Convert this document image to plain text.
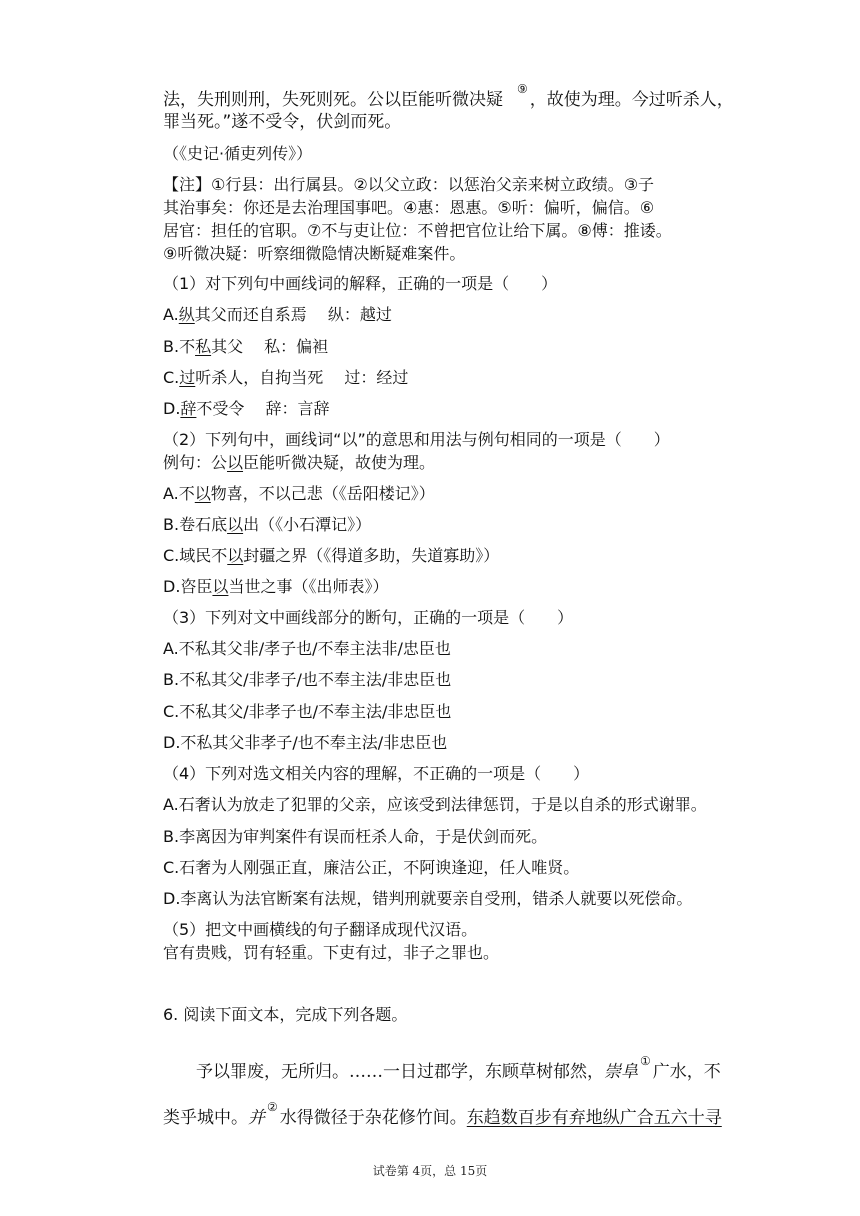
法，失刑则刑，失死则死。公以臣能听微决疑⑨，故使为理。今过听杀人，
罪当死。”遂不受令，伏剑而死。
（《史记·循吏列传》）
【注】①行县：出行属县。②以父立政：以惩治父亲来树立政绩。③子
其治事矣：你还是去治理国事吧。④惠：恩惠。⑤听：偏听，偏信。⑥
居官：担任的官职。⑦不与吏让位：不曾把官位让给下属。⑧傅：推诿。
⑨听微决疑：听察细微隐情决断疑难案件。
（1）对下列句中画线词的解释，正确的一项是（　　）
A.纵其父而还自系焉　 纵：越过
B.不私其父　 私：偏袒
C.过听杀人，自拘当死　 过：经过
D.辞不受令　 辞：言辞
（2）下列句中，画线词“以”的意思和用法与例句相同的一项是（　　）
例句：公以臣能听微决疑，故使为理。
A.不以物喜，不以己悲（《岳阳楼记》）
B.卷石底以出（《小石潭记》）
C.域民不以封疆之界（《得道多助，失道寡助》）
D.咨臣以当世之事（《出师表》）
（3）下列对文中画线部分的断句，正确的一项是（　　）
A.不私其父非/孝子也/不奉主法非/忠臣也
B.不私其父/非孝子/也不奉主法/非忠臣也
C.不私其父/非孝子也/不奉主法/非忠臣也
D.不私其父非孝子/也不奉主法/非忠臣也
（4）下列对选文相关内容的理解，不正确的一项是（　　）
A.石奢认为放走了犯罪的父亲，应该受到法律惩罚，于是以自杀的形式谢罪。
B.李离因为审判案件有误而枉杀人命，于是伏剑而死。
C.石奢为人刚强正直，廉洁公正，不阿谀逢迎，任人唯贤。
D.李离认为法官断案有法规，错判刑就要亲自受刑，错杀人就要以死偿命。
（5）把文中画横线的句子翻译成现代汉语。
官有贵贱，罚有轻重。下吏有过，非子之罪也。
6. 阅读下面文本，完成下列各题。
予以罪废，无所归。……一日过郡学，东顾草树郁然，崇阜①广水，不
类乎城中。并②水得微径于杂花修竹间。东趋数百步有弃地纵广合五六十寻
试卷第 4页，总 15页
